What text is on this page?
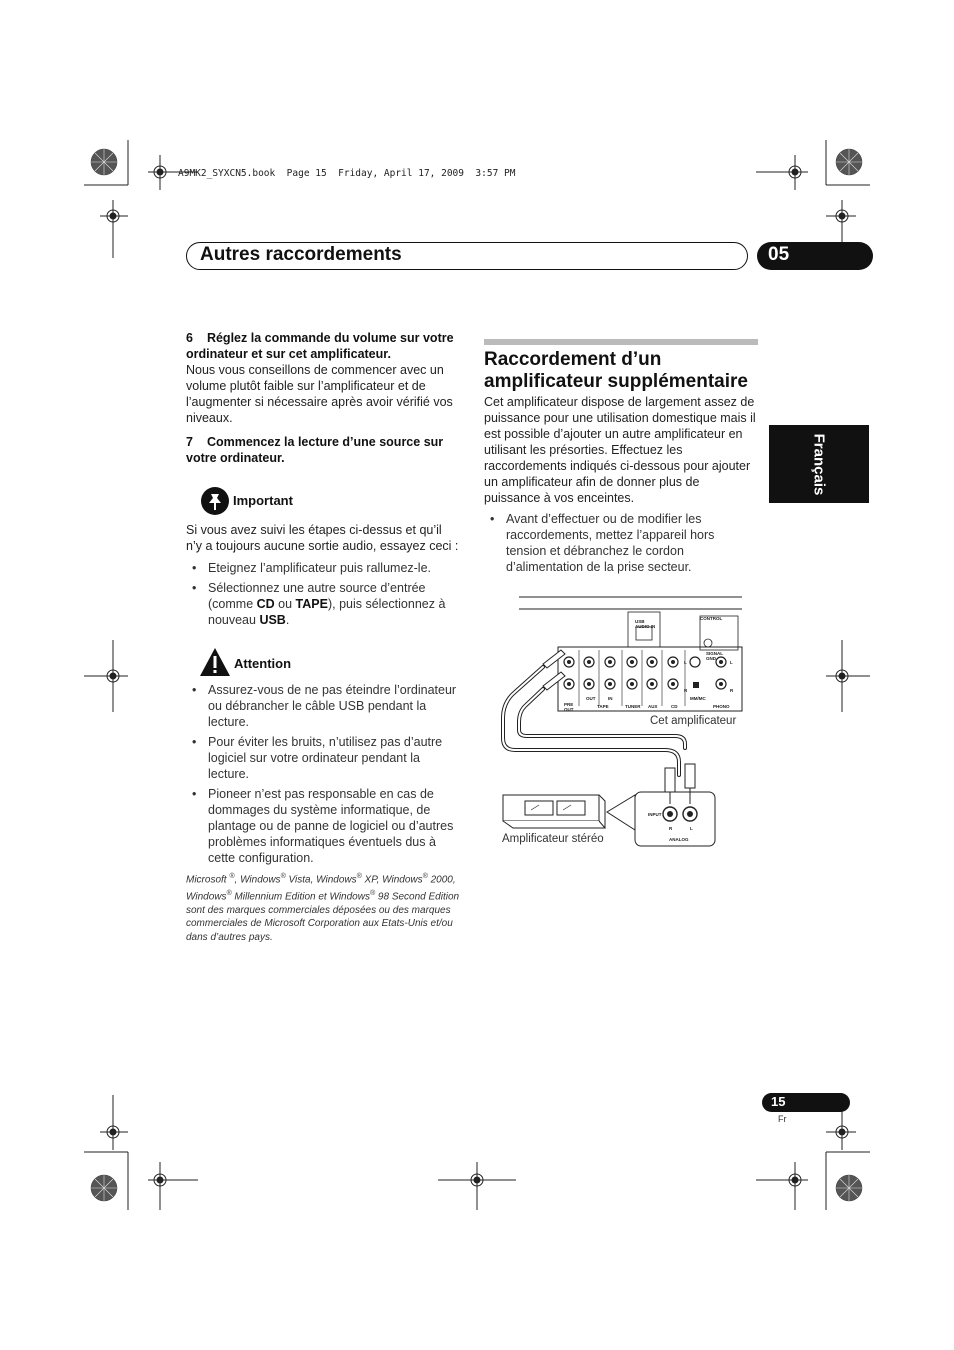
A9MK2_SYXCN5.book  Page 15  Friday, April 17, 2009  3:57 PM
Autres raccordements	05
Français
6 Réglez la commande du volume sur votre ordinateur et sur cet amplificateur.
Nous vous conseillons de commencer avec un volume plutôt faible sur l’amplificateur et de l’augmenter si nécessaire après avoir vérifié vos niveaux.
7 Commencez la lecture d’une source sur votre ordinateur.
Important
Si vous avez suivi les étapes ci-dessus et qu’il n’y a toujours aucune sortie audio, essayez ceci :
• Eteignez l’amplificateur puis rallumez-le.
• Sélectionnez une autre source d’entrée (comme CD ou TAPE), puis sélectionnez à nouveau USB.
Attention
• Assurez-vous de ne pas éteindre l’ordinateur ou débrancher le câble USB pendant la lecture.
• Pour éviter les bruits, n’utilisez pas d’autre logiciel sur votre ordinateur pendant la lecture.
• Pioneer n’est pas responsable en cas de dommages du système informatique, de plantage ou de panne de logiciel ou d’autres problèmes informatiques éventuels dus à cette configuration.
Microsoft ®, Windows® Vista, Windows® XP, Windows® 2000, Windows® Millennium Edition et Windows® 98 Second Edition sont des marques commerciales déposées ou des marques commerciales de Microsoft Corporation aux Etats-Unis et/ou dans d’autres pays.
Raccordement d’un amplificateur supplémentaire
Cet amplificateur dispose de largement assez de puissance pour une utilisation domestique mais il est possible d’ajouter un autre amplificateur en utilisant les présorties. Effectuez les raccordements indiqués ci-dessous pour ajouter un amplificateur afin de donner plus de puissance à vos enceintes.
• Avant d’effectuer ou de modifier les raccordements, mettez l’appareil hors tension et débranchez le cordon d’alimentation de la prise secteur.
USB AUDIO IN
CONTROL
SIGNAL GND
PRE OUT
OUT	IN
TAPE	TUNER AUX	CD
MM/MC
PHONO
L
R
R
L
INPUT
R	L
ANALOG
Cet amplificateur
Amplificateur stéréo
15
Fr
